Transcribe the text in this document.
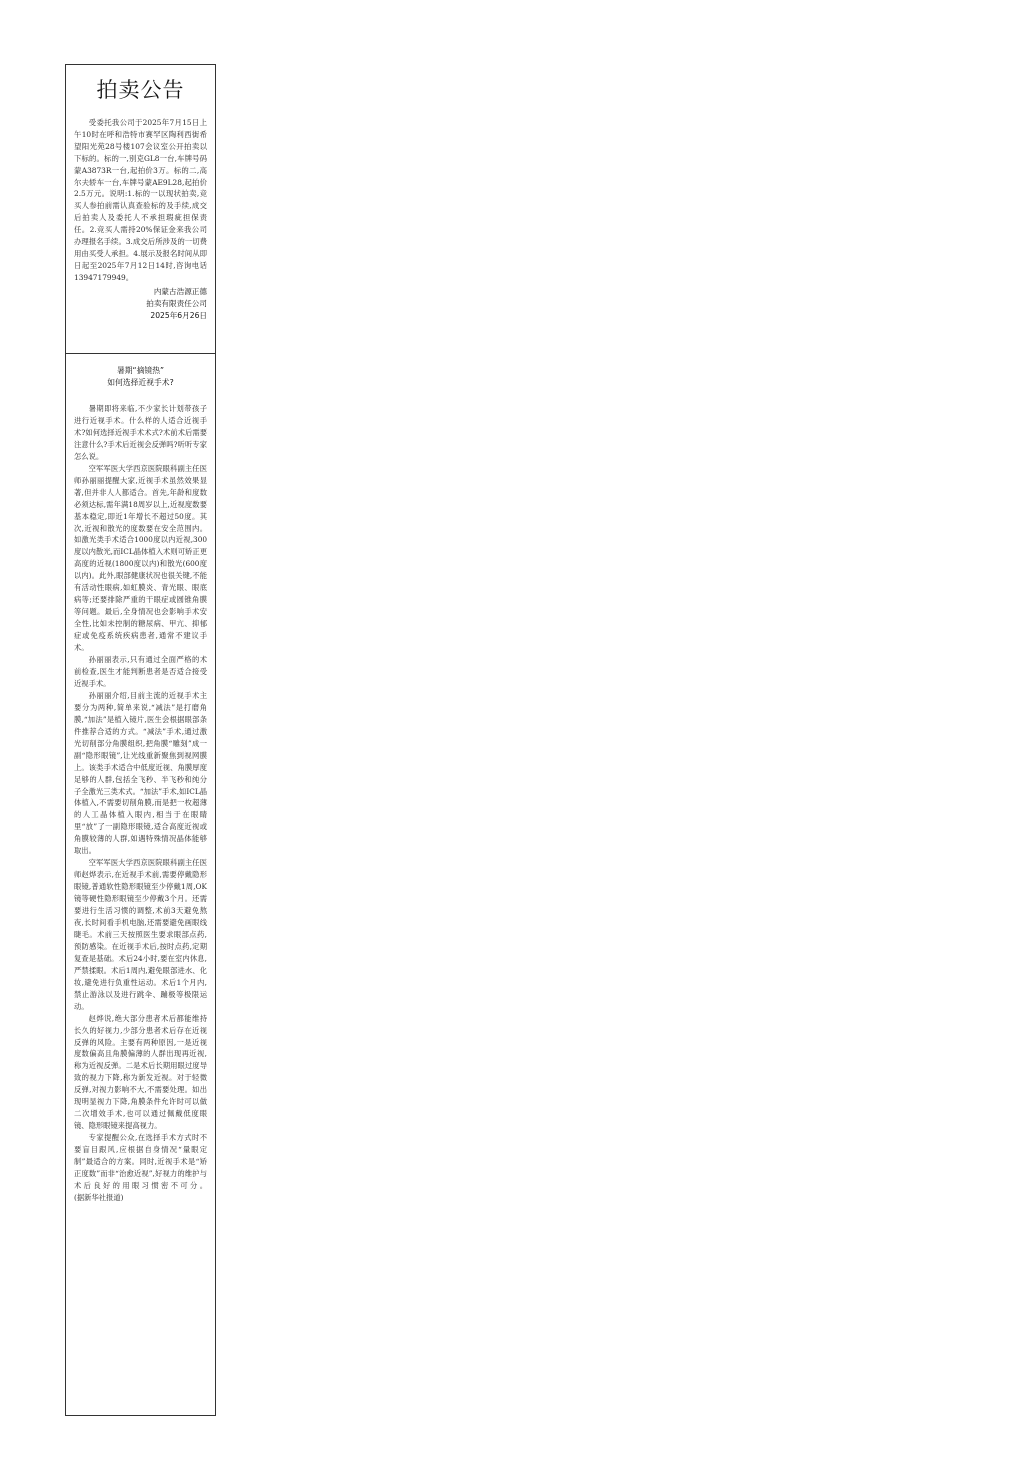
拍卖公告

受委托我公司于2025年7月15日上午10时在呼和浩特市赛罕区陶利西街希望阳光苑28号楼107会议室公开拍卖以下标的。标的一,别克GL8一台,车牌号码蒙A3873R一台,起拍价3万。标的二,高尔夫轿车一台,车牌号蒙AE9L28,起拍价2.5万元。说明:1.标的一以现状拍卖,竞买人参拍前需认真查验标的及手续,成交后拍卖人及委托人不承担瑕疵担保责任。2.竞买人需持20%保证金来我公司办理报名手续。3.成交后所涉及的一切费用由买受人承担。4.展示及报名时间从即日起至2025年7月12日14时,咨询电话13947179949。

内蒙古浩源正德
拍卖有限责任公司
2025年6月26日
暑期“摘镜热”
如何选择近视手术?

暑期即将来临,不少家长计划带孩子进行近视手术。什么样的人适合近视手术?如何选择近视手术术式?术前术后需要注意什么?手术后近视会反弹吗?听听专家怎么说。

空军军医大学西京医院眼科副主任医师孙丽丽提醒大家,近视手术虽然效果显著,但并非人人都适合。首先,年龄和度数必须达标,需年满18周岁以上,近视度数要基本稳定,即近1年增长不超过50度。其次,近视和散光的度数要在安全范围内。如激光类手术适合1000度以内近视,300度以内散光,而ICL晶体植入术则可矫正更高度的近视(1800度以内)和散光(600度以内)。此外,眼部健康状况也很关键,不能有活动性眼病,如虹膜炎、青光眼、眼底病等;还要排除严重的干眼症或圆锥角膜等问题。最后,全身情况也会影响手术安全性,比如未控制的糖尿病、甲亢、抑郁症或免疫系统疾病患者,通常不建议手术。

孙丽丽表示,只有通过全面严格的术前检查,医生才能判断患者是否适合接受近视手术。

孙丽丽介绍,目前主流的近视手术主要分为两种,简单来说,“减法”是打磨角膜,“加法”是植入镜片,医生会根据眼部条件推荐合适的方式。“减法”手术,通过激光切削部分角膜组织,把角膜“雕刻”成一副“隐形眼镜”,让光线重新聚焦到视网膜上。该类手术适合中低度近视、角膜厚度足够的人群,包括全飞秒、半飞秒和纯分子全激光三类术式。“加法”手术,如ICL晶体植入,不需要切削角膜,而是把一枚超薄的人工晶体植入眼内,相当于在眼睛里“放”了一副隐形眼镜,适合高度近视或角膜较薄的人群,如遇特殊情况晶体能够取出。

空军军医大学西京医院眼科副主任医师赵烨表示,在近视手术前,需要停戴隐形眼镜,普通软性隐形眼镜至少停戴1周,OK镜等硬性隐形眼镜至少停戴3个月。还需要进行生活习惯的调整,术前3天避免熬夜,长时间看手机电脑,还需要避免画眼线睫毛。术前三天按照医生要求眼部点药,预防感染。在近视手术后,按时点药,定期复查是基础。术后24小时,要在室内休息,严禁揉眼。术后1周内,避免眼部进水、化妆,避免进行负重性运动。术后1个月内,禁止游泳以及进行跳伞、蹦极等极限运动。

赵烨说,绝大部分患者术后都能维持长久的好视力,少部分患者术后存在近视反弹的风险。主要有两种原因,一是近视度数偏高且角膜偏薄的人群出现再近视,称为近视反弹。二是术后长期用眼过度导致的视力下降,称为新发近视。对于轻微反弹,对视力影响不大,不需要处理。如出现明显视力下降,角膜条件允许时可以做二次增效手术,也可以通过佩戴低度眼镜、隐形眼镜来提高视力。

专家提醒公众,在选择手术方式时不要盲目跟风,应根据自身情况“量眼定制”最适合的方案。同时,近视手术是“矫正度数”而非“治愈近视”,好视力的维护与术后良好的用眼习惯密不可分。 (据新华社报道)
